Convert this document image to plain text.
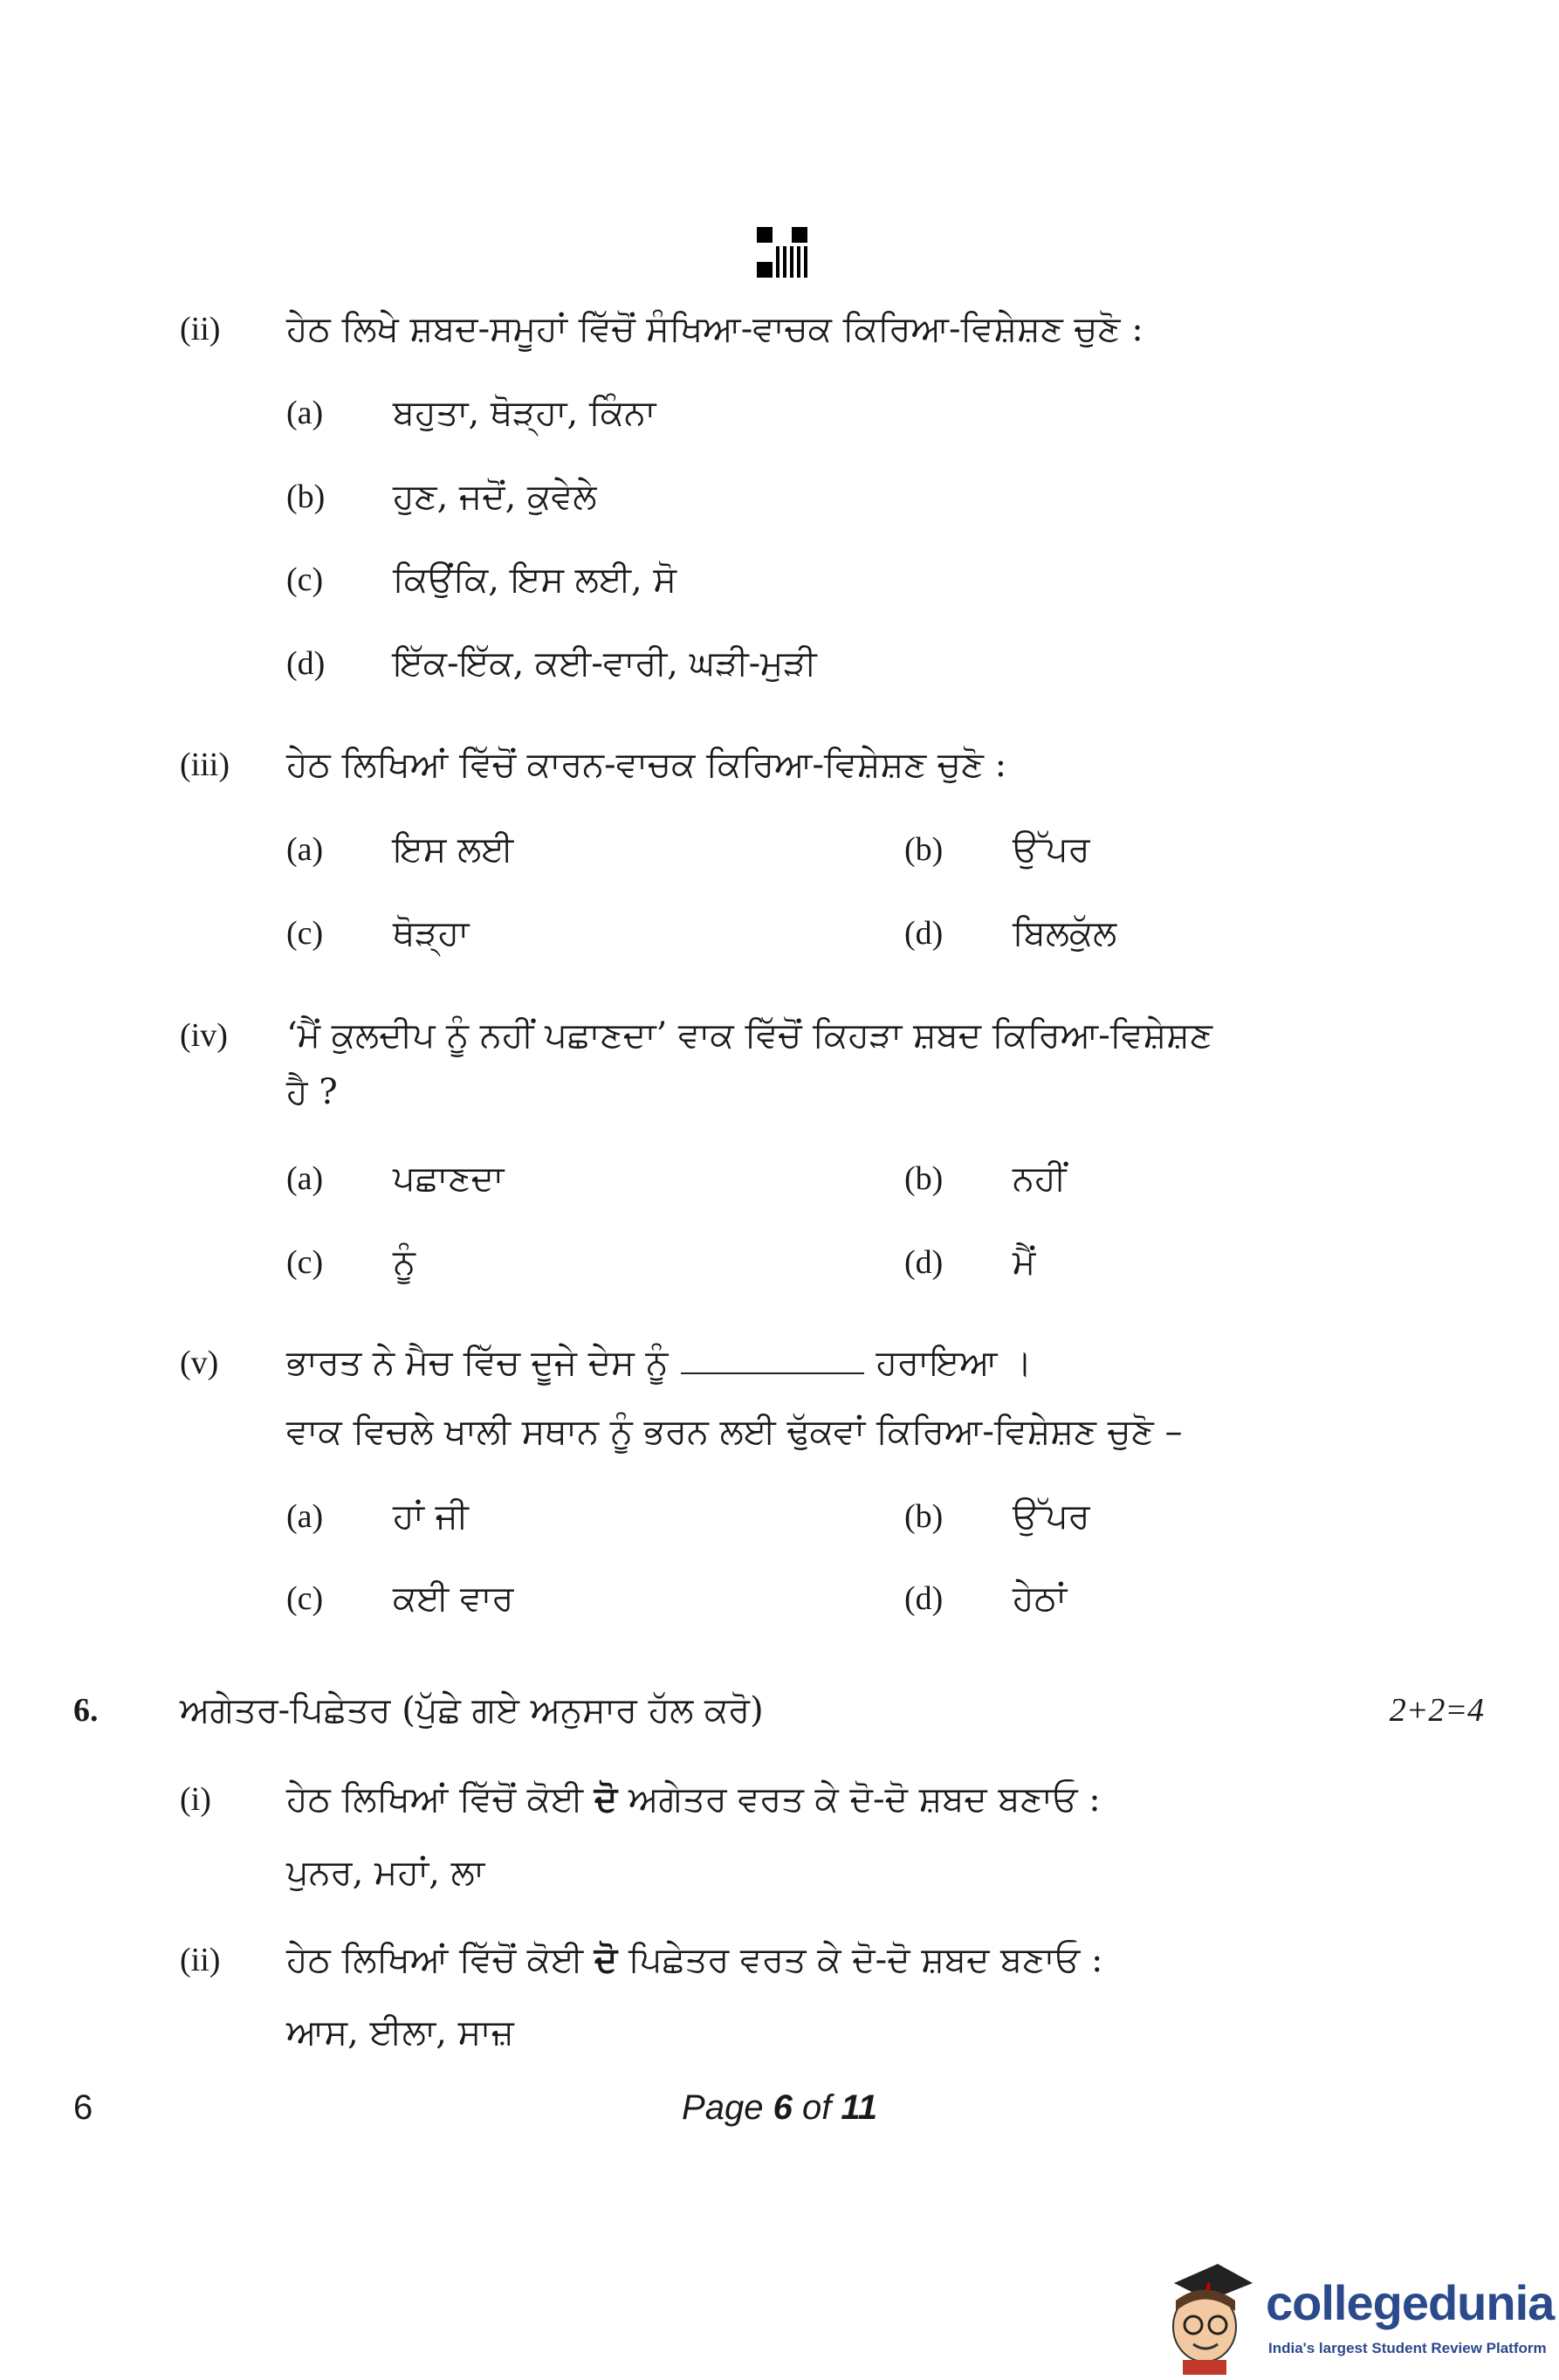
(ii) ਹੇਠ ਲਿਖੇ ਸ਼ਬਦ-ਸਮੂਹਾਂ ਵਿੱਚੋਂ ਸੰਖਿਆ-ਵਾਚਕ ਕਿਰਿਆ-ਵਿਸ਼ੇਸ਼ਣ ਚੁਣੋ :
(a) ਬਹੁਤਾ, ਥੋੜ੍ਹਾ, ਕਿੰਨਾ
(b) ਹੁਣ, ਜਦੋਂ, ਕੁਵੇਲੇ
(c) ਕਿਉਂਕਿ, ਇਸ ਲਈ, ਸੋ
(d) ਇੱਕ-ਇੱਕ, ਕਈ-ਵਾਰੀ, ਘੜੀ-ਮੁੜੀ
(iii) ਹੇਠ ਲਿਖਿਆਂ ਵਿੱਚੋਂ ਕਾਰਨ-ਵਾਚਕ ਕਿਰਿਆ-ਵਿਸ਼ੇਸ਼ਣ ਚੁਣੋ :
(a) ਇਸ ਲਈ	(b) ਉੱਪਰ
(c) ਥੋੜ੍ਹਾ	(d) ਬਿਲਕੁੱਲ
(iv) ‘ਮੈਂ ਕੁਲਦੀਪ ਨੂੰ ਨਹੀਂ ਪਛਾਣਦਾ’ ਵਾਕ ਵਿੱਚੋਂ ਕਿਹੜਾ ਸ਼ਬਦ ਕਿਰਿਆ-ਵਿਸ਼ੇਸ਼ਣ
ਹੈ ?
(a) ਪਛਾਣਦਾ	(b) ਨਹੀਂ
(c) ਨੂੰ	(d) ਮੈਂ
(v) ਭਾਰਤ ਨੇ ਮੈਚ ਵਿੱਚ ਦੂਜੇ ਦੇਸ ਨੂੰ	ਹਰਾਇਆ ।
ਵਾਕ ਵਿਚਲੇ ਖਾਲੀ ਸਥਾਨ ਨੂੰ ਭਰਨ ਲਈ ਢੁੱਕਵਾਂ ਕਿਰਿਆ-ਵਿਸ਼ੇਸ਼ਣ ਚੁਣੋ –
(a) ਹਾਂ ਜੀ	(b) ਉੱਪਰ
(c) ਕਈ ਵਾਰ	(d) ਹੇਠਾਂ
6. ਅਗੇਤਰ-ਪਿਛੇਤਰ (ਪੁੱਛੇ ਗਏ ਅਨੁਸਾਰ ਹੱਲ ਕਰੋ)	2+2=4
(i) ਹੇਠ ਲਿਖਿਆਂ ਵਿੱਚੋਂ ਕੋਈ ਦੋ ਅਗੇਤਰ ਵਰਤ ਕੇ ਦੋ-ਦੋ ਸ਼ਬਦ ਬਣਾਓ :
ਪੁਨਰ, ਮਹਾਂ, ਲਾ
(ii) ਹੇਠ ਲਿਖਿਆਂ ਵਿੱਚੋਂ ਕੋਈ ਦੋ ਪਿਛੇਤਰ ਵਰਤ ਕੇ ਦੋ-ਦੋ ਸ਼ਬਦ ਬਣਾਓ :
ਆਸ, ਈਲਾ, ਸਾਜ਼
6	Page 6 of 11
collegedunia
India's largest Student Review Platform
